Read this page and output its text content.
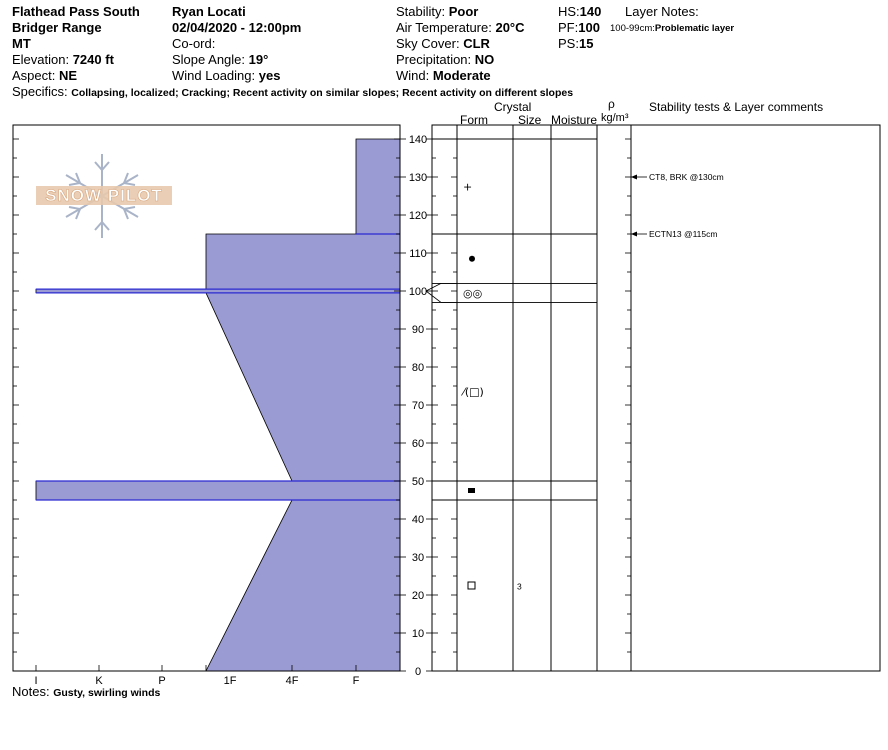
Flathead Pass South
Bridger Range
MT
Elevation: 7240 ft
Aspect: NE
Ryan Locati
02/04/2020 - 12:00pm
Co-ord:
Slope Angle: 19°
Wind Loading: yes
Stability: Poor
Air Temperature: 20°C
Sky Cover: CLR
Precipitation: NO
Wind: Moderate
HS:140
PF:100
PS:15
Layer Notes:
100-99cm:Problematic layer
Specifics: Collapsing, localized; Cracking; Recent activity on similar slopes; Recent activity on different slopes
Crystal
Form	Size Moisture
ρ
kg/m³
Stability tests & Layer comments
I	K	P	1F	4F	F
0
10
20
30
40
50
60
70
80
90
100
110
120
130
140
+
◎◎
⁄(□)
3
CT8, BRK @130cm
ECTN13 @115cm
SNOW PILOT
Notes: Gusty, swirling winds
